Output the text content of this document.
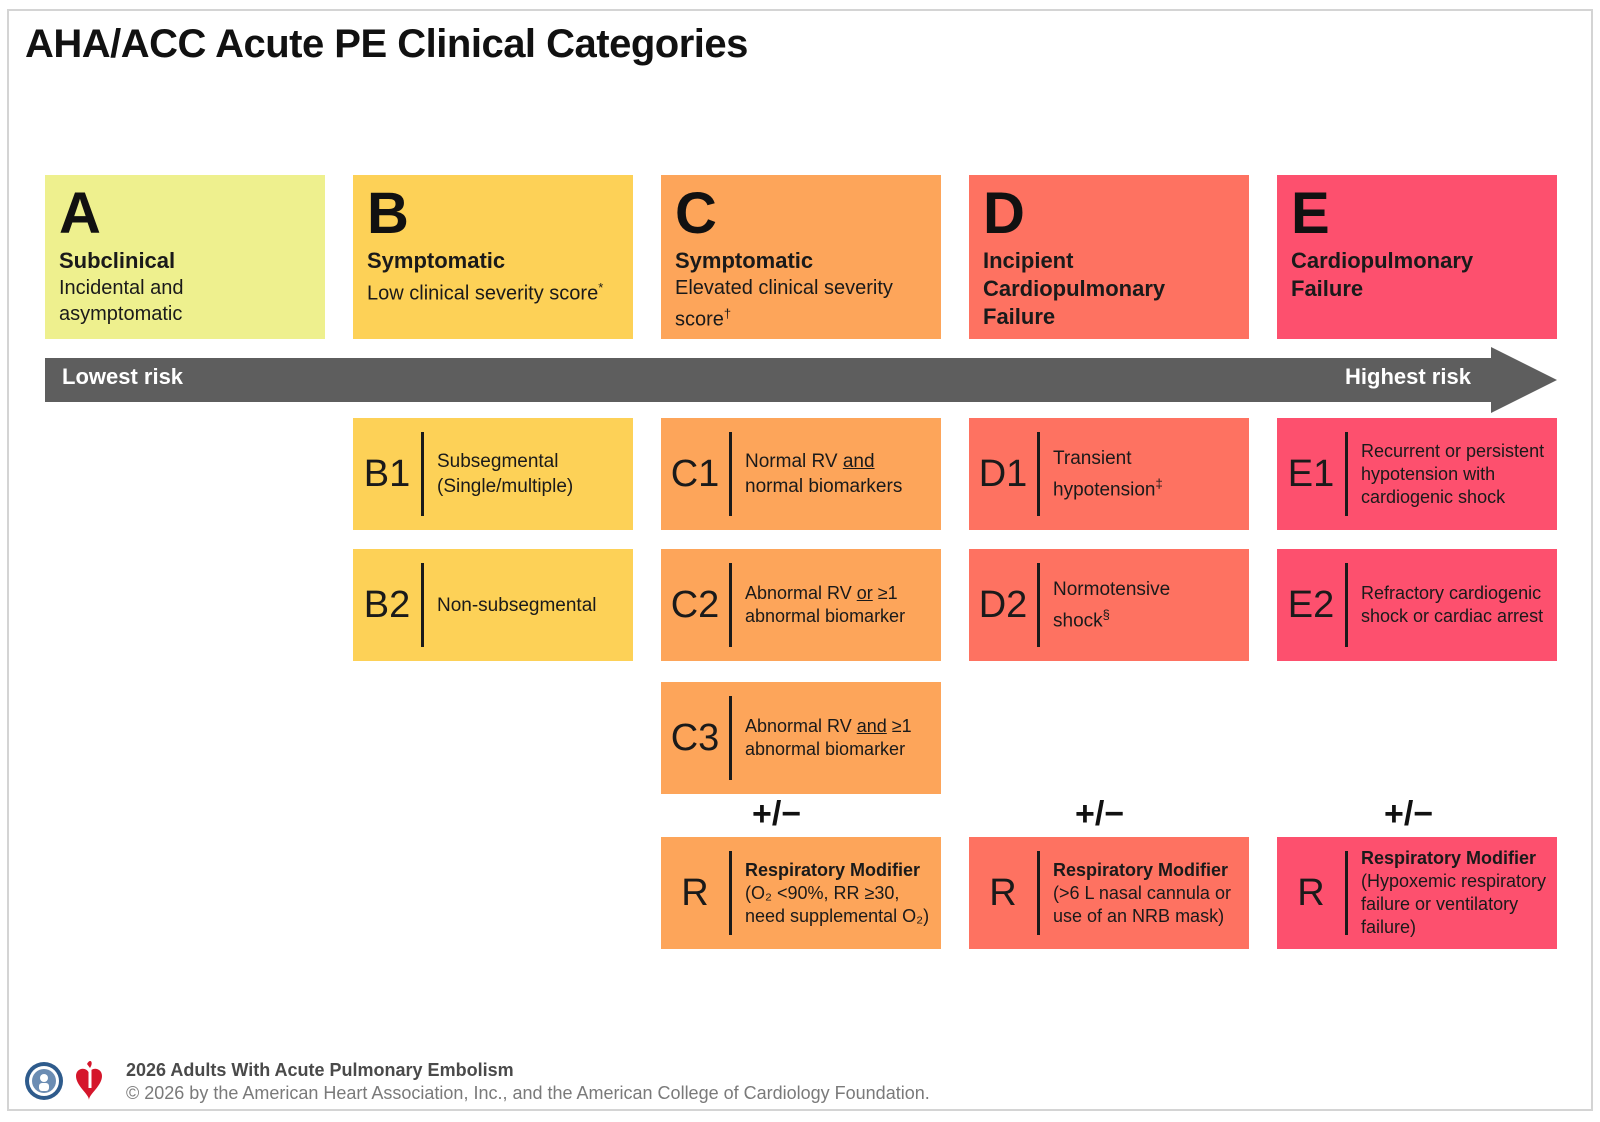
AHA/ACC Acute PE Clinical Categories
A
Subclinical
Incidental and asymptomatic
B
Symptomatic
Low clinical severity score*
C
Symptomatic
Elevated clinical severity score†
D
Incipient Cardiopulmonary Failure
E
Cardiopulmonary Failure
Lowest risk	Highest risk
B1	Subsegmental (Single/multiple)
B2	Non-subsegmental
C1	Normal RV and normal biomarkers
C2	Abnormal RV or ≥1 abnormal biomarker
C3	Abnormal RV and ≥1 abnormal biomarker
D1	Transient hypotension‡
D2	Normotensive shock§
E1
Recurrent or persistent hypotension with cardiogenic shock
E2	Refractory cardiogenic shock or cardiac arrest
+/−	+/−	+/−
R
Respiratory Modifier
(O₂ <90%, RR ≥30, need supplemental O₂)
R
Respiratory Modifier
(>6 L nasal cannula or use of an NRB mask)
R
Respiratory Modifier
(Hypoxemic respiratory failure or ventilatory failure)
2026 Adults With Acute Pulmonary Embolism
© 2026 by the American Heart Association, Inc., and the American College of Cardiology Foundation.
